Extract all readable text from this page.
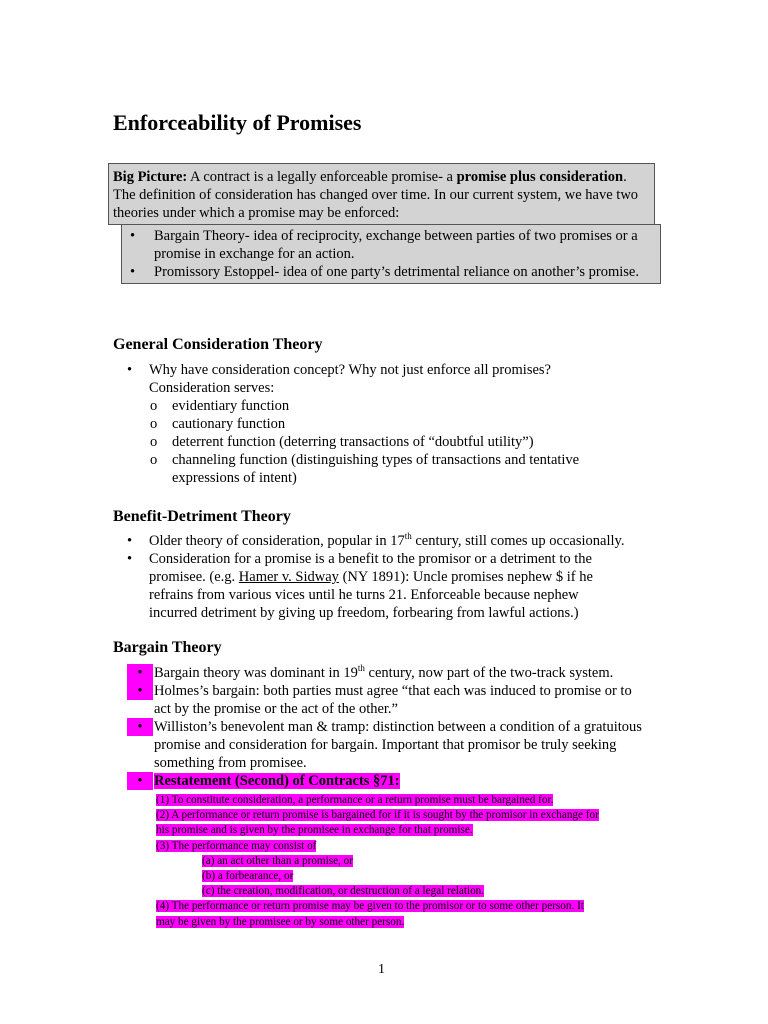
Enforceability of Promises
Big Picture: A contract is a legally enforceable promise- a promise plus consideration. The definition of consideration has changed over time. In our current system, we have two theories under which a promise may be enforced:
• Bargain Theory- idea of reciprocity, exchange between parties of two promises or a promise in exchange for an action.
• Promissory Estoppel- idea of one party’s detrimental reliance on another’s promise.
General Consideration Theory
• Why have consideration concept? Why not just enforce all promises? Consideration serves:
o evidentiary function
o cautionary function
o deterrent function (deterring transactions of “doubtful utility”)
o channeling function (distinguishing types of transactions and tentative expressions of intent)
Benefit-Detriment Theory
• Older theory of consideration, popular in 17th century, still comes up occasionally.
• Consideration for a promise is a benefit to the promisor or a detriment to the promisee. (e.g. Hamer v. Sidway (NY 1891): Uncle promises nephew $ if he refrains from various vices until he turns 21. Enforceable because nephew incurred detriment by giving up freedom, forbearing from lawful actions.)
Bargain Theory
• Bargain theory was dominant in 19th century, now part of the two-track system.
• Holmes’s bargain: both parties must agree “that each was induced to promise or to act by the promise or the act of the other.”
• Williston’s benevolent man & tramp: distinction between a condition of a gratuitous promise and consideration for bargain. Important that promisor be truly seeking something from promisee.
• Restatement (Second) of Contracts §71:
(1) To constitute consideration, a performance or a return promise must be bargained for.
(2) A performance or return promise is bargained for if it is sought by the promisor in exchange for
his promise and is given by the promisee in exchange for that promise.
(3) The performance may consist of
(a) an act other than a promise, or
(b) a forbearance, or
(c) the creation, modification, or destruction of a legal relation.
(4) The performance or return promise may be given to the promisor or to some other person. It
may be given by the promisee or by some other person.
1
